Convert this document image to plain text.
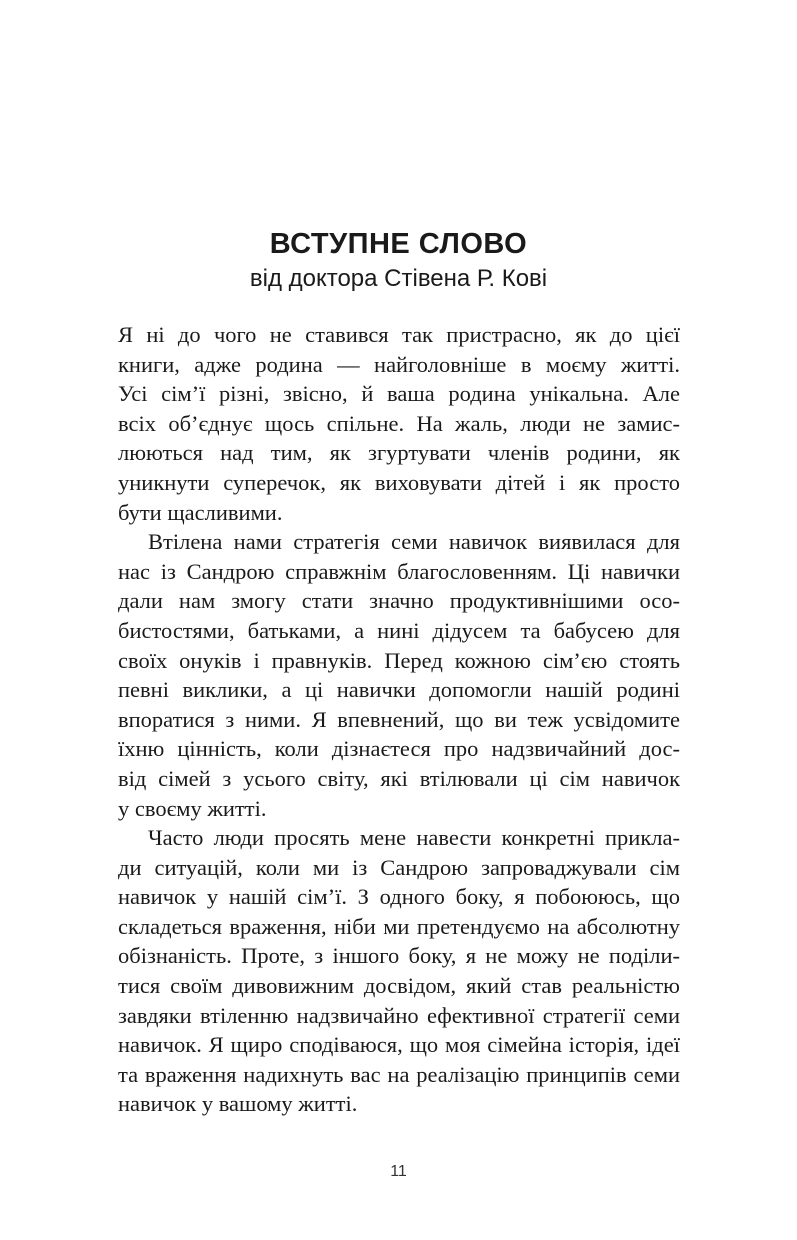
ВСТУПНЕ СЛОВО

від доктора Стівена Р. Кові

Я ні до чого не ставився так пристрасно, як до цієї
книги, адже родина — найголовніше в моєму житті.
Усі сім’ї різні, звісно, й ваша родина унікальна. Але
всіх об’єднує щось спільне. На жаль, люди не замис-
люються над тим, як згуртувати членів родини, як
уникнути суперечок, як виховувати дітей і як просто
бути щасливими.
Втілена нами стратегія семи навичок виявилася для
нас із Сандрою справжнім благословенням. Ці навички
дали нам змогу стати значно продуктивнішими осо-
бистостями, батьками, а нині дідусем та бабусею для
своїх онуків і правнуків. Перед кожною сім’єю стоять
певні виклики, а ці навички допомогли нашій родині
впоратися з ними. Я впевнений, що ви теж усвідомите
їхню цінність, коли дізнаєтеся про надзвичайний дос-
від сімей з усього світу, які втілювали ці сім навичок
у своєму житті.
Часто люди просять мене навести конкретні прикла-
ди ситуацій, коли ми із Сандрою запроваджували сім
навичок у нашій сім’ї. З одного боку, я побоююсь, що
складеться враження, ніби ми претендуємо на абсолютну
обізнаність. Проте, з іншого боку, я не можу не поділи-
тися своїм дивовижним досвідом, який став реальністю
завдяки втіленню надзвичайно ефективної стратегії семи
навичок. Я щиро сподіваюся, що моя сімейна історія, ідеї
та враження надихнуть вас на реалізацію принципів семи
навичок у вашому житті.
11
